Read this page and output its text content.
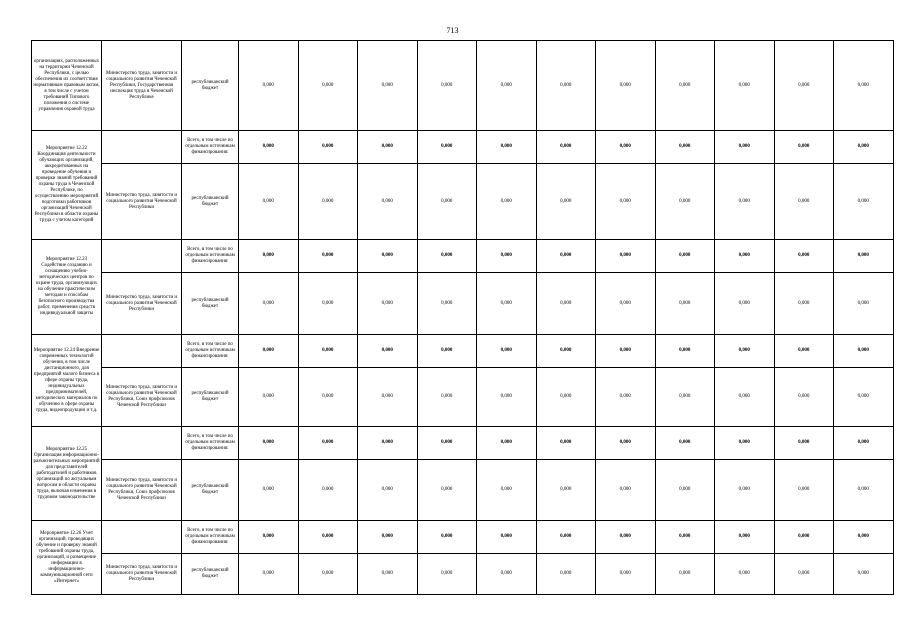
713
организациях, расположенных на территории Чеченской Республики, с целью обеспечения их соответствия нормативным правовым актам, в том числе с учетом требований Типового положения о системе управления охраной труда	Министерство труда, занятости и социального развития Чеченской Республики, Государственная инспекция труда в Чеченской Республике	республиканский бюджет	0,000	0,000	0,000	0,000	0,000	0,000	0,000	0,000	0,000	0,000	0,000
Мероприятие 12.22 Координация деятельности обучающих организаций, аккредитованных на проведение обучения и проверки знаний требований охраны труда в Чеченской Республике, по осуществлению мероприятий подготовки работников организаций Чеченской Республики в области охраны труда с учетом категорий		Всего, в том числе по отдельным источникам финансирования:	0,000	0,000	0,000	0,000	0,000	0,000	0,000	0,000	0,000	0,000	0,000
	Министерство труда, занятости и социального развития Чеченской Республики	республиканский бюджет	0,000	0,000	0,000	0,000	0,000	0,000	0,000	0,000	0,000	0,000	0,000
Мероприятие 12.23 Содействие созданию и оснащению учебно-методических центров по охране труда, организующих на обучение практическим методам и способам безопасного производства работ, применения средств индивидуальной защиты		Всего, в том числе по отдельным источникам финансирования:	0,000	0,000	0,000	0,000	0,000	0,000	0,000	0,000	0,000	0,000	0,000
	Министерство труда, занятости и социального развития Чеченской Республики	республиканский бюджет	0,000	0,000	0,000	0,000	0,000	0,000	0,000	0,000	0,000	0,000	0,000
Мероприятие 12.24 Внедрение современных технологий обучения, в том числе дистанционного, для предприятий малого бизнеса в сфере охраны труда, индивидуальных предпринимателей, методических материалов по обучению в сфере охраны труда, видеопродукции и т.д.		Всего, в том числе по отдельным источникам финансирования:	0,000	0,000	0,000	0,000	0,000	0,000	0,000	0,000	0,000	0,000	0,000
	Министерство труда, занятости и социального развития Чеченской Республики, Союз профсоюзов Чеченской Республики	республиканский бюджет	0,000	0,000	0,000	0,000	0,000	0,000	0,000	0,000	0,000	0,000	0,000
Мероприятие 12.25 Организация информационно-разъяснительных мероприятий для представителей работодателей и работников организаций по актуальным вопросам в области охраны труда, включая изменения в трудовом законодательстве		Всего, в том числе по отдельным источникам финансирования:	0,000	0,000	0,000	0,000	0,000	0,000	0,000	0,000	0,000	0,000	0,000
	Министерство труда, занятости и социального развития Чеченской Республики, Союз профсоюзов Чеченской Республики	республиканский бюджет	0,000	0,000	0,000	0,000	0,000	0,000	0,000	0,000	0,000	0,000	0,000
Мероприятие 12.26 Учет организаций, проводящих обучение и проверку знаний требований охраны труда, организаций, и размещение информации в информационно-коммуникационной сети «Интернет»		Всего, в том числе по отдельным источникам финансирования:	0,000	0,000	0,000	0,000	0,000	0,000	0,000	0,000	0,000	0,000	0,000
	Министерство труда, занятости и социального развития Чеченской Республики	республиканский бюджет	0,000	0,000	0,000	0,000	0,000	0,000	0,000	0,000	0,000	0,000	0,000
